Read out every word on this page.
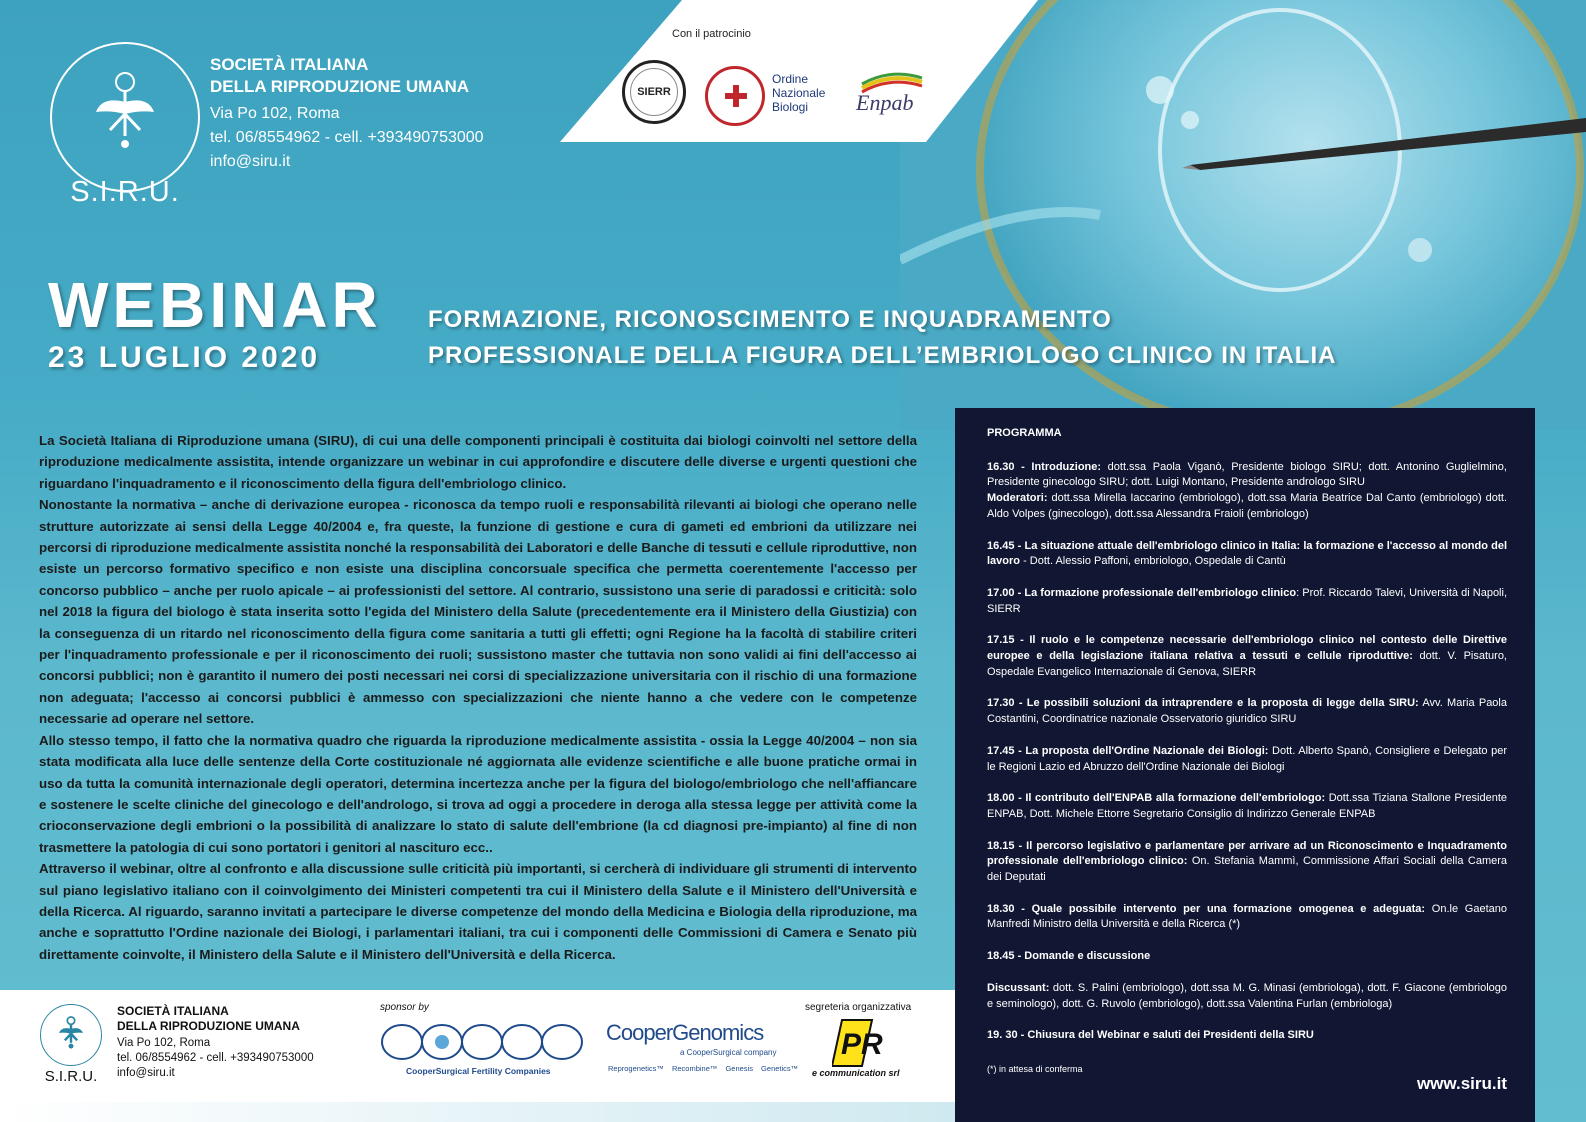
Con il patrocinio
SIERR
Ordine
Nazionale
Biologi	Enpab
S.I.R.U.
SOCIETÀ ITALIANA
DELLA RIPRODUZIONE UMANA
Via Po 102, Roma
tel. 06/8554962 - cell. +393490753000
info@siru.it
WEBINAR
23 LUGLIO 2020
FORMAZIONE, RICONOSCIMENTO E INQUADRAMENTO
PROFESSIONALE DELLA FIGURA DELL’EMBRIOLOGO CLINICO IN ITALIA

La Società Italiana di Riproduzione umana (SIRU), di cui una delle componenti principali è costituita dai biologi coinvolti nel settore della riproduzione medicalmente assistita, intende organizzare un webinar in cui approfondire e discutere delle diverse e urgenti questioni che riguardano l'inquadramento e il riconoscimento della figura dell'embriologo clinico.

Nonostante la normativa – anche di derivazione europea - riconosca da tempo ruoli e responsabilità rilevanti ai biologi che operano nelle strutture autorizzate ai sensi della Legge 40/2004 e, fra queste, la funzione di gestione e cura di gameti ed embrioni da utilizzare nei percorsi di riproduzione medicalmente assistita nonché la responsabilità dei Laboratori e delle Banche di tessuti e cellule riproduttive, non esiste un percorso formativo specifico e non esiste una disciplina concorsuale specifica che permetta coerentemente l'accesso per concorso pubblico – anche per ruolo apicale – ai professionisti del settore. Al contrario, sussistono una serie di paradossi e criticità: solo nel 2018 la figura del biologo è stata inserita sotto l'egida del Ministero della Salute (precedentemente era il Ministero della Giustizia) con la conseguenza di un ritardo nel riconoscimento della figura come sanitaria a tutti gli effetti; ogni Regione ha la facoltà di stabilire criteri per l'inquadramento professionale e per il riconoscimento dei ruoli; sussistono master che tuttavia non sono validi ai fini dell'accesso ai concorsi pubblici; non è garantito il numero dei posti necessari nei corsi di specializzazione universitaria con il rischio di una formazione non adeguata; l'accesso ai concorsi pubblici è ammesso con specializzazioni che niente hanno a che vedere con le competenze necessarie ad operare nel settore.

Allo stesso tempo, il fatto che la normativa quadro che riguarda la riproduzione medicalmente assistita - ossia la Legge 40/2004 – non sia stata modificata alla luce delle sentenze della Corte costituzionale né aggiornata alle evidenze scientifiche e alle buone pratiche ormai in uso da tutta la comunità internazionale degli operatori, determina incertezza anche per la figura del biologo/embriologo che nell'affiancare e sostenere le scelte cliniche del ginecologo e dell'andrologo, si trova ad oggi a procedere in deroga alla stessa legge per attività come la crioconservazione degli embrioni o la possibilità di analizzare lo stato di salute dell'embrione (la cd diagnosi pre-impianto) al fine di non trasmettere la patologia di cui sono portatori i genitori al nascituro ecc..

Attraverso il webinar, oltre al confronto e alla discussione sulle criticità più importanti, si cercherà di individuare gli strumenti di intervento sul piano legislativo italiano con il coinvolgimento dei Ministeri competenti tra cui il Ministero della Salute e il Ministero dell'Università e della Ricerca. Al riguardo, saranno invitati a partecipare le diverse competenze del mondo della Medicina e Biologia della riproduzione, ma anche e soprattutto l'Ordine nazionale dei Biologi, i parlamentari italiani, tra cui i componenti delle Commissioni di Camera e Senato più direttamente coinvolte, il Ministero della Salute e il Ministero dell'Università e della Ricerca.

PROGRAMMA
16.30 - Introduzione: dott.ssa Paola Viganò, Presidente biologo SIRU; dott. Antonino Guglielmino, Presidente ginecologo SIRU; dott. Luigi Montano, Presidente andrologo SIRU
Moderatori: dott.ssa Mirella Iaccarino (embriologo), dott.ssa Maria Beatrice Dal Canto (embriologo) dott. Aldo Volpes (ginecologo), dott.ssa Alessandra Fraioli (embriologo)
16.45 - La situazione attuale dell'embriologo clinico in Italia: la formazione e l'accesso al mondo del lavoro - Dott. Alessio Paffoni, embriologo, Ospedale di Cantù
17.00 - La formazione professionale dell'embriologo clinico: Prof. Riccardo Talevi, Università di Napoli, SIERR
17.15 - Il ruolo e le competenze necessarie dell'embriologo clinico nel contesto delle Direttive europee e della legislazione italiana relativa a tessuti e cellule riproduttive: dott. V. Pisaturo, Ospedale Evangelico Internazionale di Genova, SIERR
17.30 - Le possibili soluzioni da intraprendere e la proposta di legge della SIRU: Avv. Maria Paola Costantini, Coordinatrice nazionale Osservatorio giuridico SIRU
17.45 - La proposta dell'Ordine Nazionale dei Biologi: Dott. Alberto Spanò, Consigliere e Delegato per le Regioni Lazio ed Abruzzo dell'Ordine Nazionale dei Biologi
18.00 - Il contributo dell'ENPAB alla formazione dell'embriologo: Dott.ssa Tiziana Stallone Presidente ENPAB, Dott. Michele Ettorre Segretario Consiglio di Indirizzo Generale ENPAB
18.15 - Il percorso legislativo e parlamentare per arrivare ad un Riconoscimento e Inquadramento professionale dell'embriologo clinico: On. Stefania Mammì, Commissione Affari Sociali della Camera dei Deputati
18.30 - Quale possibile intervento per una formazione omogenea e adeguata: On.le Gaetano Manfredi Ministro della Università e della Ricerca (*)
18.45 - Domande e discussione
Discussant: dott. S. Palini (embriologo), dott.ssa M. G. Minasi (embriologa), dott. F. Giacone (embriologo e seminologo), dott. G. Ruvolo (embriologo), dott.ssa Valentina Furlan (embriologa)
19. 30 - Chiusura del Webinar e saluti dei Presidenti della SIRU
(*) in attesa di conferma
www.siru.it
S.I.R.U.
SOCIETÀ ITALIANA
DELLA RIPRODUZIONE UMANA
Via Po 102, Roma
tel. 06/8554962 - cell. +393490753000
info@siru.it
sponsor by
CooperSurgical Fertility Companies
CooperGenomics
a CooperSurgical company
Reprogenetics™ Recombine™ Genesis Genetics™
segreteria organizzativa
PR
e communication srl
